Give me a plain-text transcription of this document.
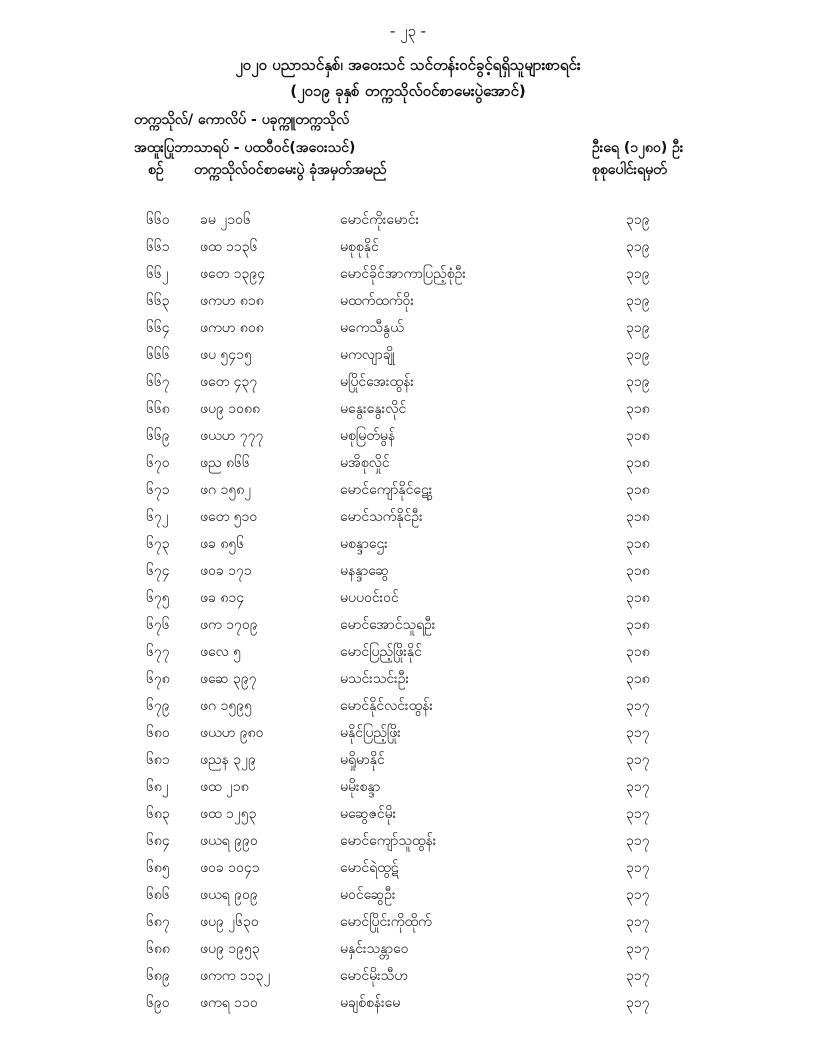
- ၂၃ -
၂၀၂၀ ပညာသင်နှစ်၊ အဝေးသင် သင်တန်းဝင်ခွင့်ရရှိသူများစာရင်း
(၂၀၁၉ ခုနှစ် တက္ကသိုလ်ဝင်စာမေးပွဲအောင်)
တက္ကသိုလ်/ ကောလိပ် - ပခုက္ကူတက္ကသိုလ်
အထူးပြုဘာသာရပ် - ပထဝီဝင်(အဝေးသင်)	ဦးရေ (၁၂၈၀) ဦး
စဉ် တက္ကသိုလ်ဝင်စာမေးပွဲ ခုံအမှတ် အမည်	စုစုပေါင်းရမှတ်
၆၆၀ ခမ ၂၁၀၆	မောင်ကိုးမောင်း	၃၁၉
၆၆၁ ဖထ ၁၁၃၆	မစုစုနိုင်	၃၁၉
၆၆၂ ဖတေ ၁၃၉၄	မောင်ခိုင်အာကာပြည့်စုံဦး	၃၁၉
၆၆၃ ဖကဟ ၈၁၈	မထက်ထက်ဝိုး	၃၁၉
၆၆၄ ဖကဟ ၈၀၈	မကေသီနွယ်	၃၁၉
၆၆၆ ဖပ ၅၄၁၅	မကလျာချို	၃၁၉
၆၆၇ ဖတေ ၄၃၇	မပြိုင်အေးထွန်း	၃၁၉
၆၆၈ ဖပ၉ ၁၀၈၈	မနွေးနွေးလိုင်	၃၁၈
၆၆၉ ဖယဟ ၇၇၇	မစုမြတ်မွန်	၃၁၈
၆၇၀ ဖည ၈၆၆	မအိစုလှိုင်	၃၁၈
၆၇၁ ဖဂ ၁၅၈၂	မောင်ကျော်နိုင်ဋွေး	၃၁၈
၆၇၂ ဖတေ ၅၁၀	မောင်သက်နိုင်ဦး	၃၁၈
၆၇၃ ဖခ ၈၅၆	မစန္ဒာဌေး	၃၁၈
၆၇၄ ဖဝခ ၁၇၁	မနန္ဒာဆွေ	၃၁၈
၆၇၅ ဖခ ၈၁၄	မပပဝင်းဝင်	၃၁၈
၆၇၆ ဖက ၁၇၀၉	မောင်အောင်သူရဦး	၃၁၈
၆၇၇ ဖလေ ၅	မောင်ပြည့်ဖြိုးနိုင်	၃၁၈
၆၇၈ ဖဆေ ၃၉၇	မသင်းသင်းဦး	၃၁၈
၆၇၉ ဖဂ ၁၅၉၅	မောင်နိုင်လင်းထွန်း	၃၁၇
၆၈၀ ဖယဟ ၉၈၀	မနိုင်ပြည့်ဖြိုး	၃၁၇
၆၈၁ ဖညန ၃၂၉	မရှိုမာနိုင်	၃၁၇
၆၈၂ ဖထ ၂၁၈	မမိုးစန္ဒာ	၃၁၇
၆၈၃ ဖထ ၁၂၅၃	မဆွေဇင်မိုး	၃၁၇
၆၈၄ ဖယရ ၉၉၀	မောင်ကျော်သူထွန်း	၃၁၇
၆၈၅ ဖဝခ ၁၀၄၁	မောင်ရဲထွဋ်	၃၁၇
၆၈၆ ဖယရ ၉၀၉	မဝင်ဆွေဦး	၃၁၇
၆၈၇ ဖပ၉ ၂၆၃၀	မောင်ပြိုင်းကိုထိုက်	၃၁၇
၆၈၈ ဖပ၉ ၁၉၅၃	မနှင်းသန္တာဝေ	၃၁၇
၆၈၉ ဖကက ၁၁၃၂	မောင်မိုးသီဟ	၃၁၇
၆၉၀ ဖကရ ၁၁၀	မချစ်စန်းမေ	၃၁၇
